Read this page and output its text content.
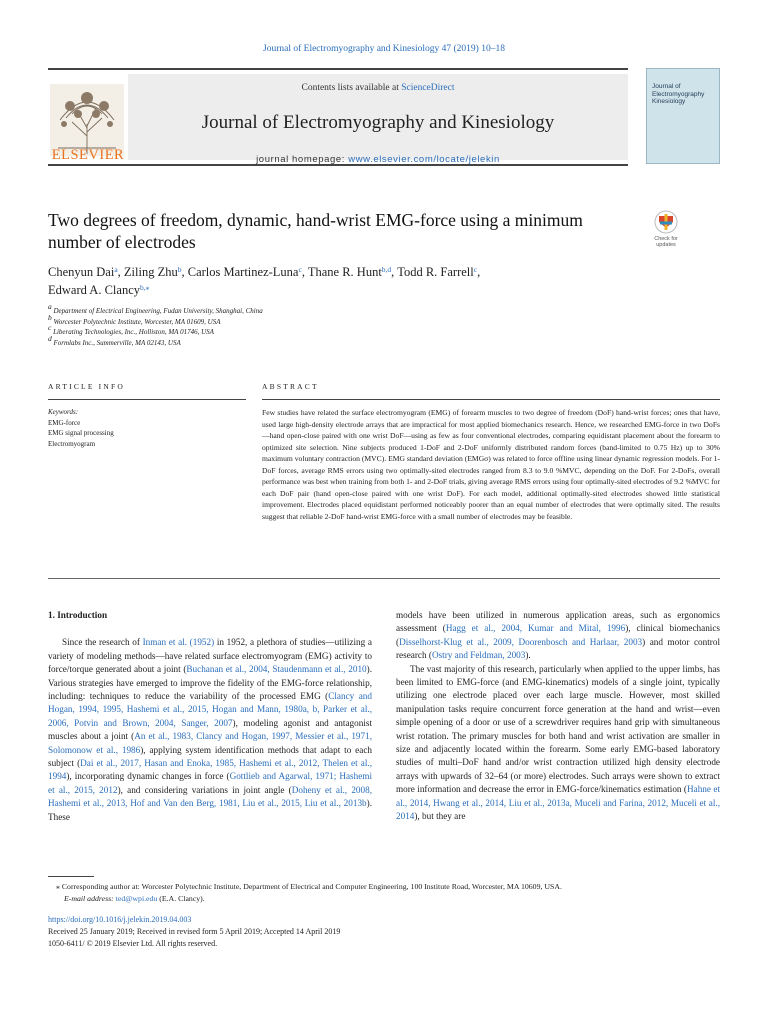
Journal of Electromyography and Kinesiology 47 (2019) 10–18
Contents lists available at ScienceDirect
Journal of Electromyography and Kinesiology
journal homepage: www.elsevier.com/locate/jelekin
ELSEVIER
Journal of Electromyography Kinesiology
Two degrees of freedom, dynamic, hand-wrist EMG-force using a minimum number of electrodes	Check for updates
Chenyun Dai$^a$, Ziling Zhu$^b$, Carlos Martinez-Luna$^c$, Thane R. Hunt$^{b,d}$, Todd R. Farrell$^c$,
Edward A. Clancy$^{b,⁎}$
$^a$ Department of Electrical Engineering, Fudan University, Shanghai, China
$^b$ Worcester Polytechnic Institute, Worcester, MA 01609, USA
$^c$ Liberating Technologies, Inc., Holliston, MA 01746, USA
$^d$ Formlabs Inc., Summerville, MA 02143, USA
ARTICLE INFO	ABSTRACT
Keywords:
EMG-force
EMG signal processing
Electromyogram
Few studies have related the surface electromyogram (EMG) of forearm muscles to two degree of freedom (DoF) hand-wrist forces; ones that have, used large high-density electrode arrays that are impractical for most applied biomechanics research. Hence, we researched EMG-force in two DoFs—hand open-close paired with one wrist DoF—using as few as four conventional electrodes, comparing equidistant placement about the forearm to optimized site selection. Nine subjects produced 1-DoF and 2-DoF uniformly distributed random forces (band-limited to 0.75 Hz) up to 30% maximum voluntary contraction (MVC). EMG standard deviation (EMGσ) was related to force offline using linear dynamic regression models. For 1-DoF forces, average RMS errors using two optimally-sited electrodes ranged from 8.3 to 9.0 %MVC, depending on the DoF. For 2-DoFs, overall performance was best when training from both 1- and 2-DoF trials, giving average RMS errors using four optimally-sited electrodes of 9.2 %MVC for each DoF pair (hand open-close paired with one wrist DoF). For each model, additional optimally-sited electrodes showed little statistical improvement. Electrodes placed equidistant performed noticeably poorer than an equal number of electrodes that were optimally sited. The results suggest that reliable 2-DoF hand-wrist EMG-force with a small number of electrodes may be feasible.
1. Introduction

Since the research of Inman et al. (1952) in 1952, a plethora of studies—utilizing a variety of modeling methods—have related surface electromyogram (EMG) activity to force/torque generated about a joint (Buchanan et al., 2004, Staudenmann et al., 2010). Various strategies have emerged to improve the fidelity of the EMG-force relationship, including: techniques to reduce the variability of the processed EMG (Clancy and Hogan, 1994, 1995, Hashemi et al., 2015, Hogan and Mann, 1980a, b, Parker et al., 2006, Potvin and Brown, 2004, Sanger, 2007), modeling agonist and antagonist muscles about a joint (An et al., 1983, Clancy and Hogan, 1997, Messier et al., 1971, Solomonow et al., 1986), applying system identification methods that adapt to each subject (Dai et al., 2017, Hasan and Enoka, 1985, Hashemi et al., 2012, Thelen et al., 1994), incorporating dynamic changes in force (Gottlieb and Agarwal, 1971; Hashemi et al., 2015, 2012), and considering variations in joint angle (Doheny et al., 2008, Hashemi et al., 2013, Hof and Van den Berg, 1981, Liu et al., 2015, Liu et al., 2013b). These

models have been utilized in numerous application areas, such as ergonomics assessment (Hagg et al., 2004, Kumar and Mital, 1996), clinical biomechanics (Disselhorst-Klug et al., 2009, Doorenbosch and Harlaar, 2003) and motor control research (Ostry and Feldman, 2003).

The vast majority of this research, particularly when applied to the upper limbs, has been limited to EMG-force (and EMG-kinematics) models of a single joint, typically utilizing one electrode placed over each large muscle. However, most skilled manipulation tasks require concurrent force generation at the hand and wrist—even simple opening of a door or use of a screwdriver requires hand grip with simultaneous wrist rotation. The primary muscles for both hand and wrist activation are smaller in size and adjacently located within the forearm. Some early EMG-based laboratory studies of multi–DoF hand and/or wrist contraction utilized high density electrode arrays with upwards of 32–64 (or more) electrodes. Such arrays were shown to extract more information and decrease the error in EMG-force/kinematics estimation (Hahne et al., 2014, Hwang et al., 2014, Liu et al., 2013a, Muceli and Farina, 2012, Muceli et al., 2014), but they are

⁎ Corresponding author at: Worcester Polytechnic Institute, Department of Electrical and Computer Engineering, 100 Institute Road, Worcester, MA 10609, USA.
E-mail address: ted@wpi.edu (E.A. Clancy).
https://doi.org/10.1016/j.jelekin.2019.04.003
Received 25 January 2019; Received in revised form 5 April 2019; Accepted 14 April 2019
1050-6411/ © 2019 Elsevier Ltd. All rights reserved.
